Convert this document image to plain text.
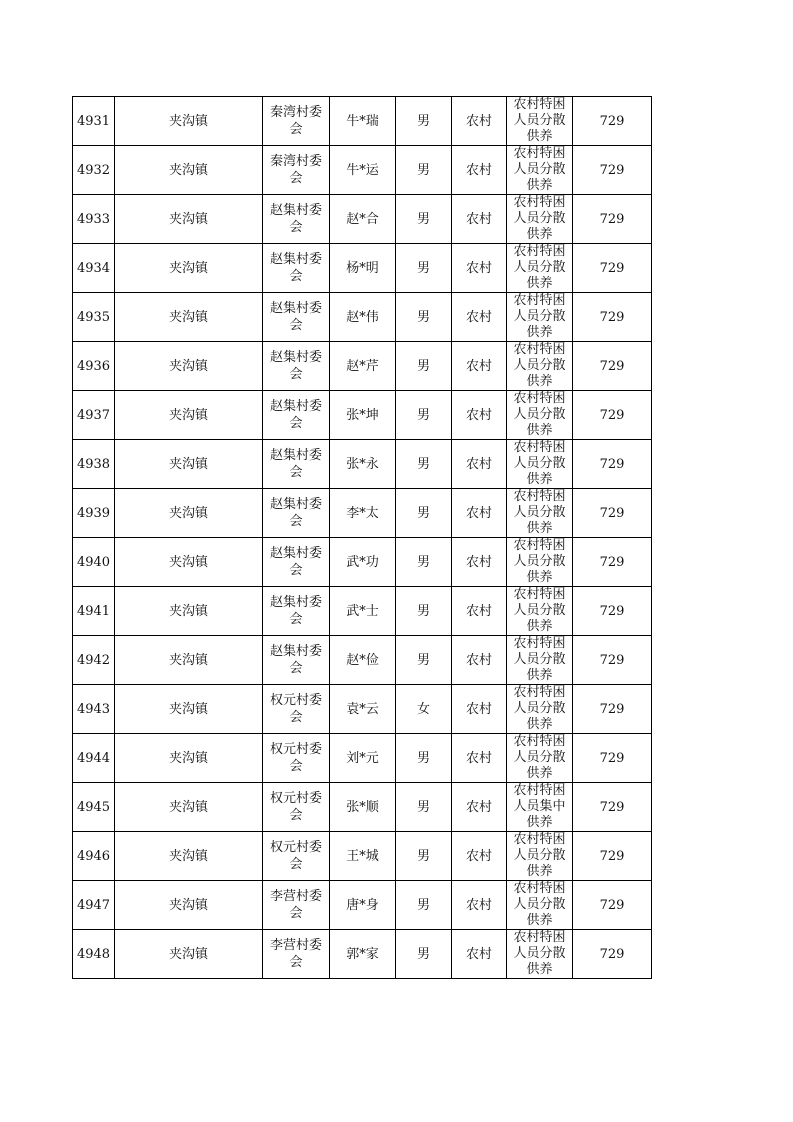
4931	夹沟镇	秦湾村委会	牛*瑞	男	农村	农村特困人员分散供养	729

4932	夹沟镇	秦湾村委会	牛*运	男	农村	农村特困人员分散供养	729

4933	夹沟镇	赵集村委会	赵*合	男	农村	农村特困人员分散供养	729

4934	夹沟镇	赵集村委会	杨*明	男	农村	农村特困人员分散供养	729

4935	夹沟镇	赵集村委会	赵*伟	男	农村	农村特困人员分散供养	729

4936	夹沟镇	赵集村委会	赵*芹	男	农村	农村特困人员分散供养	729

4937	夹沟镇	赵集村委会	张*坤	男	农村	农村特困人员分散供养	729

4938	夹沟镇	赵集村委会	张*永	男	农村	农村特困人员分散供养	729

4939	夹沟镇	赵集村委会	李*太	男	农村	农村特困人员分散供养	729

4940	夹沟镇	赵集村委会	武*功	男	农村	农村特困人员分散供养	729

4941	夹沟镇	赵集村委会	武*士	男	农村	农村特困人员分散供养	729

4942	夹沟镇	赵集村委会	赵*俭	男	农村	农村特困人员分散供养	729

4943	夹沟镇	权元村委会	袁*云	女	农村	农村特困人员分散供养	729

4944	夹沟镇	权元村委会	刘*元	男	农村	农村特困人员分散供养	729

4945	夹沟镇	权元村委会	张*顺	男	农村	农村特困人员集中供养	729

4946	夹沟镇	权元村委会	王*城	男	农村	农村特困人员分散供养	729

4947	夹沟镇	李营村委会	唐*身	男	农村	农村特困人员分散供养	729

4948	夹沟镇	李营村委会	郭*家	男	农村	农村特困人员分散供养	729
